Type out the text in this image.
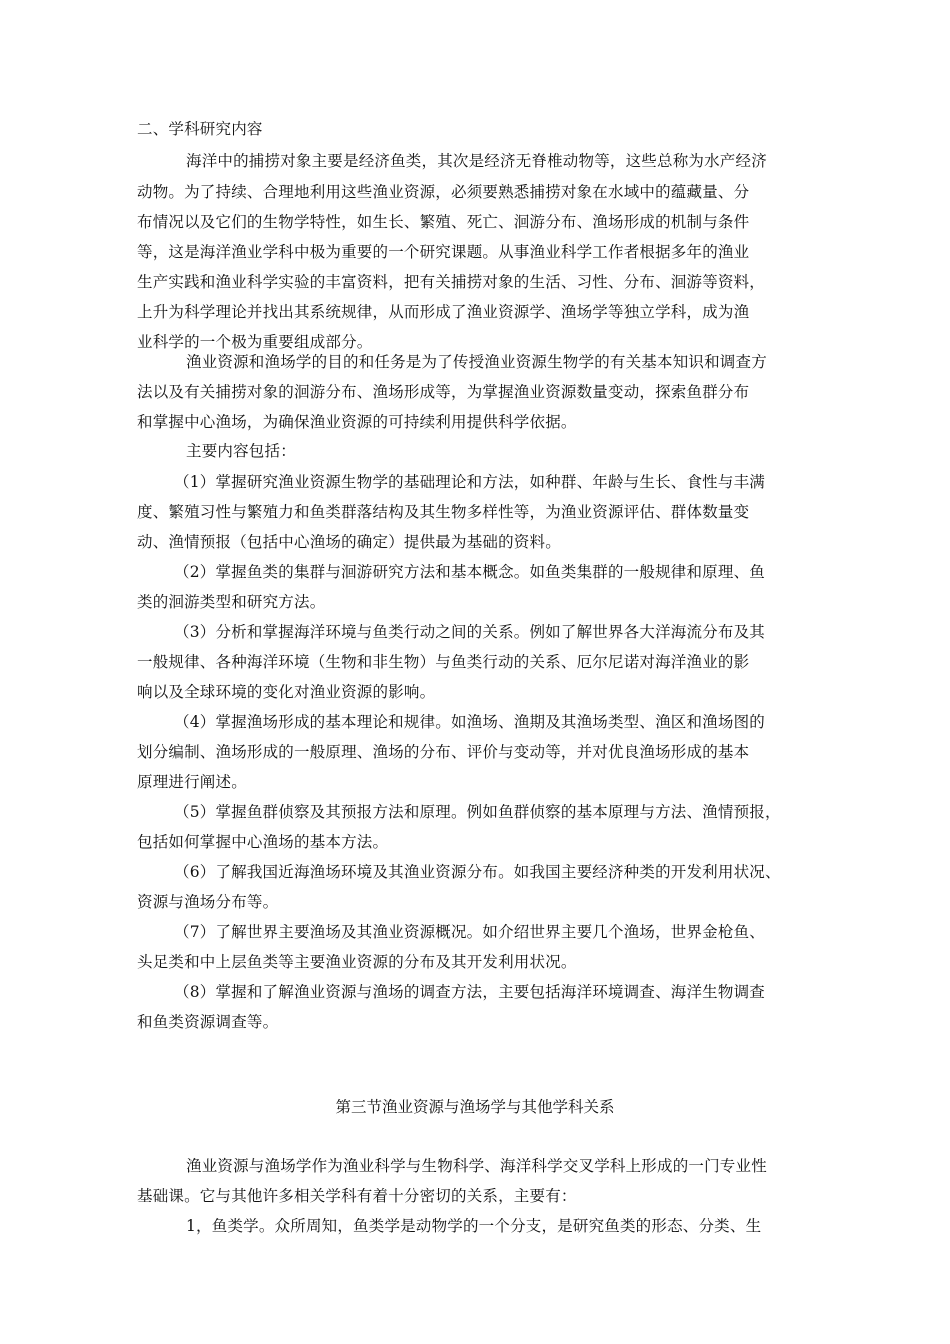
二、学科研究内容
海洋中的捕捞对象主要是经济鱼类，其次是经济无脊椎动物等，这些总称为水产经济
动物。为了持续、合理地利用这些渔业资源，必须要熟悉捕捞对象在水域中的蕴藏量、分
布情况以及它们的生物学特性，如生长、繁殖、死亡、洄游分布、渔场形成的机制与条件
等，这是海洋渔业学科中极为重要的一个研究课题。从事渔业科学工作者根据多年的渔业
生产实践和渔业科学实验的丰富资料，把有关捕捞对象的生活、习性、分布、洄游等资料，
上升为科学理论并找出其系统规律，从而形成了渔业资源学、渔场学等独立学科，成为渔
业科学的一个极为重要组成部分。
渔业资源和渔场学的目的和任务是为了传授渔业资源生物学的有关基本知识和调查方
法以及有关捕捞对象的洄游分布、渔场形成等，为掌握渔业资源数量变动，探索鱼群分布
和掌握中心渔场，为确保渔业资源的可持续利用提供科学依据。
主要内容包括：
（1）掌握研究渔业资源生物学的基础理论和方法，如种群、年龄与生长、食性与丰满
度、繁殖习性与繁殖力和鱼类群落结构及其生物多样性等，为渔业资源评估、群体数量变
动、渔情预报（包括中心渔场的确定）提供最为基础的资料。
（2）掌握鱼类的集群与洄游研究方法和基本概念。如鱼类集群的一般规律和原理、鱼
类的洄游类型和研究方法。
（3）分析和掌握海洋环境与鱼类行动之间的关系。例如了解世界各大洋海流分布及其
一般规律、各种海洋环境（生物和非生物）与鱼类行动的关系、厄尔尼诺对海洋渔业的影
响以及全球环境的变化对渔业资源的影响。
（4）掌握渔场形成的基本理论和规律。如渔场、渔期及其渔场类型、渔区和渔场图的
划分编制、渔场形成的一般原理、渔场的分布、评价与变动等，并对优良渔场形成的基本
原理进行阐述。
（5）掌握鱼群侦察及其预报方法和原理。例如鱼群侦察的基本原理与方法、渔情预报，
包括如何掌握中心渔场的基本方法。
（6）了解我国近海渔场环境及其渔业资源分布。如我国主要经济种类的开发利用状况、
资源与渔场分布等。
（7）了解世界主要渔场及其渔业资源概况。如介绍世界主要几个渔场，世界金枪鱼、
头足类和中上层鱼类等主要渔业资源的分布及其开发利用状况。
（8）掌握和了解渔业资源与渔场的调查方法，主要包括海洋环境调查、海洋生物调查
和鱼类资源调查等。
第三节渔业资源与渔场学与其他学科关系
渔业资源与渔场学作为渔业科学与生物科学、海洋科学交叉学科上形成的一门专业性
基础课。它与其他许多相关学科有着十分密切的关系，主要有：
1，鱼类学。众所周知，鱼类学是动物学的一个分支，是研究鱼类的形态、分类、生
